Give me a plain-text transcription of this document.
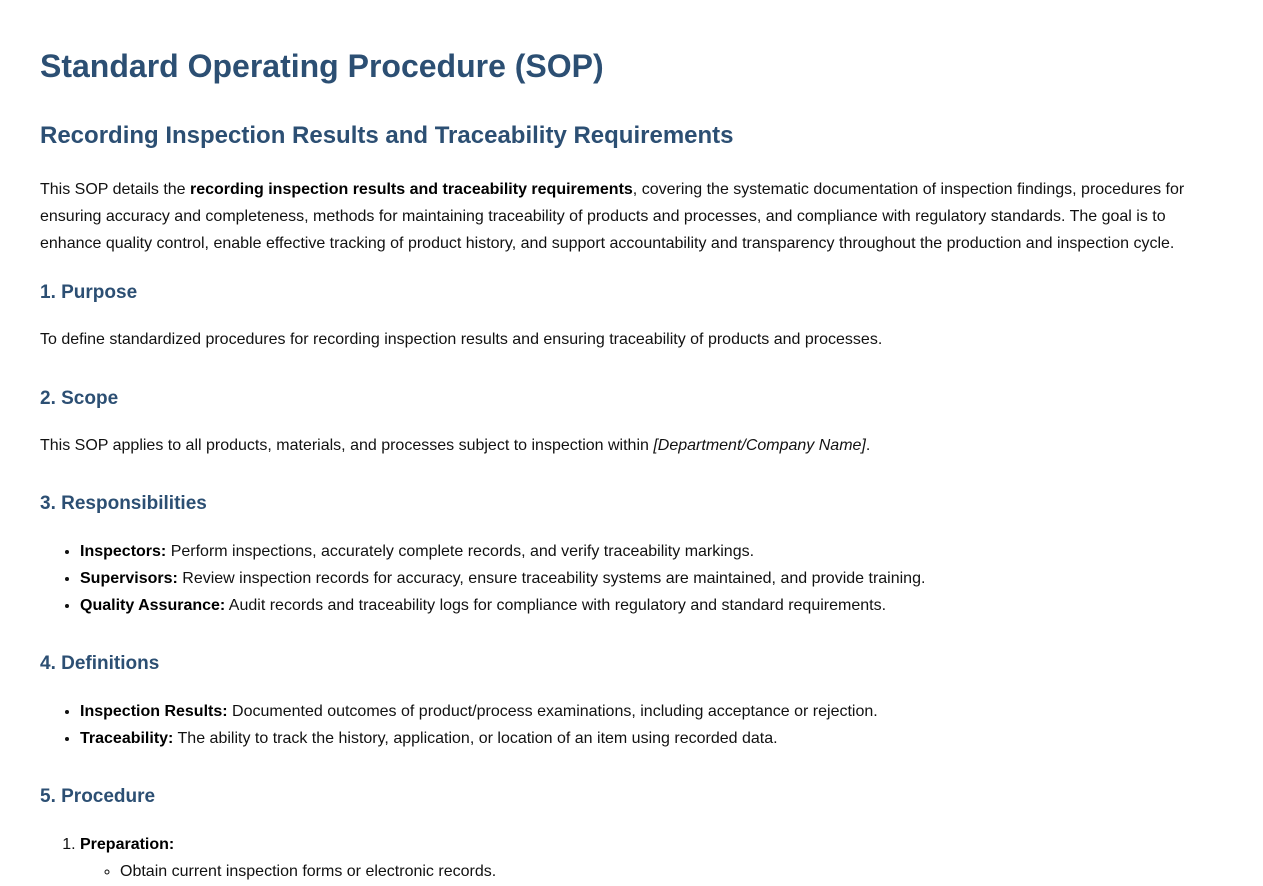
Standard Operating Procedure (SOP)
Recording Inspection Results and Traceability Requirements

This SOP details the recording inspection results and traceability requirements, covering the systematic documentation of inspection findings, procedures for ensuring accuracy and completeness, methods for maintaining traceability of products and processes, and compliance with regulatory standards. The goal is to enhance quality control, enable effective tracking of product history, and support accountability and transparency throughout the production and inspection cycle.

1. Purpose

To define standardized procedures for recording inspection results and ensuring traceability of products and processes.

2. Scope

This SOP applies to all products, materials, and processes subject to inspection within [Department/Company Name].

3. Responsibilities
• Inspectors: Perform inspections, accurately complete records, and verify traceability markings.
• Supervisors: Review inspection records for accuracy, ensure traceability systems are maintained, and provide training.
• Quality Assurance: Audit records and traceability logs for compliance with regulatory and standard requirements.
4. Definitions
• Inspection Results: Documented outcomes of product/process examinations, including acceptance or rejection.
• Traceability: The ability to track the history, application, or location of an item using recorded data.
5. Procedure
1. Preparation:
◦ Obtain current inspection forms or electronic records.
